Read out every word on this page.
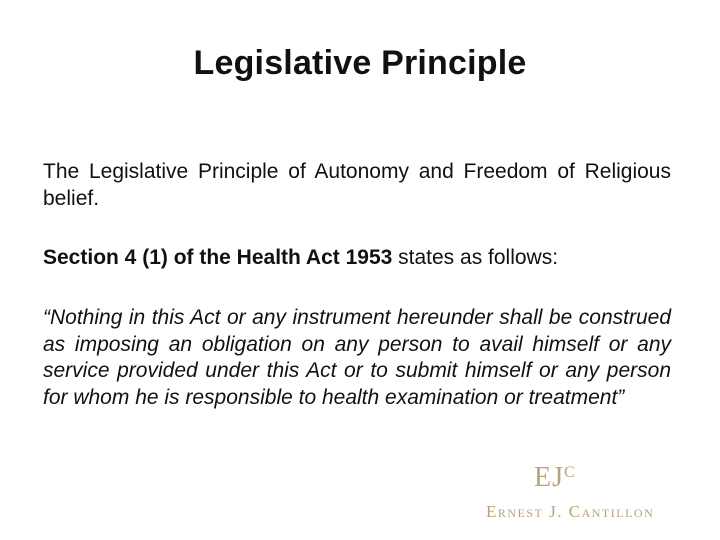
Legislative Principle

The Legislative Principle of Autonomy and Freedom of Religious belief.

Section 4 (1) of the Health Act 1953 states as follows:

“Nothing in this Act or any instrument hereunder shall be construed as imposing an obligation on any person to avail himself or any service provided under this Act or to submit himself or any person for whom he is responsible to health examination or treatment”

$EJ^C$
Ernest J. Cantillon
